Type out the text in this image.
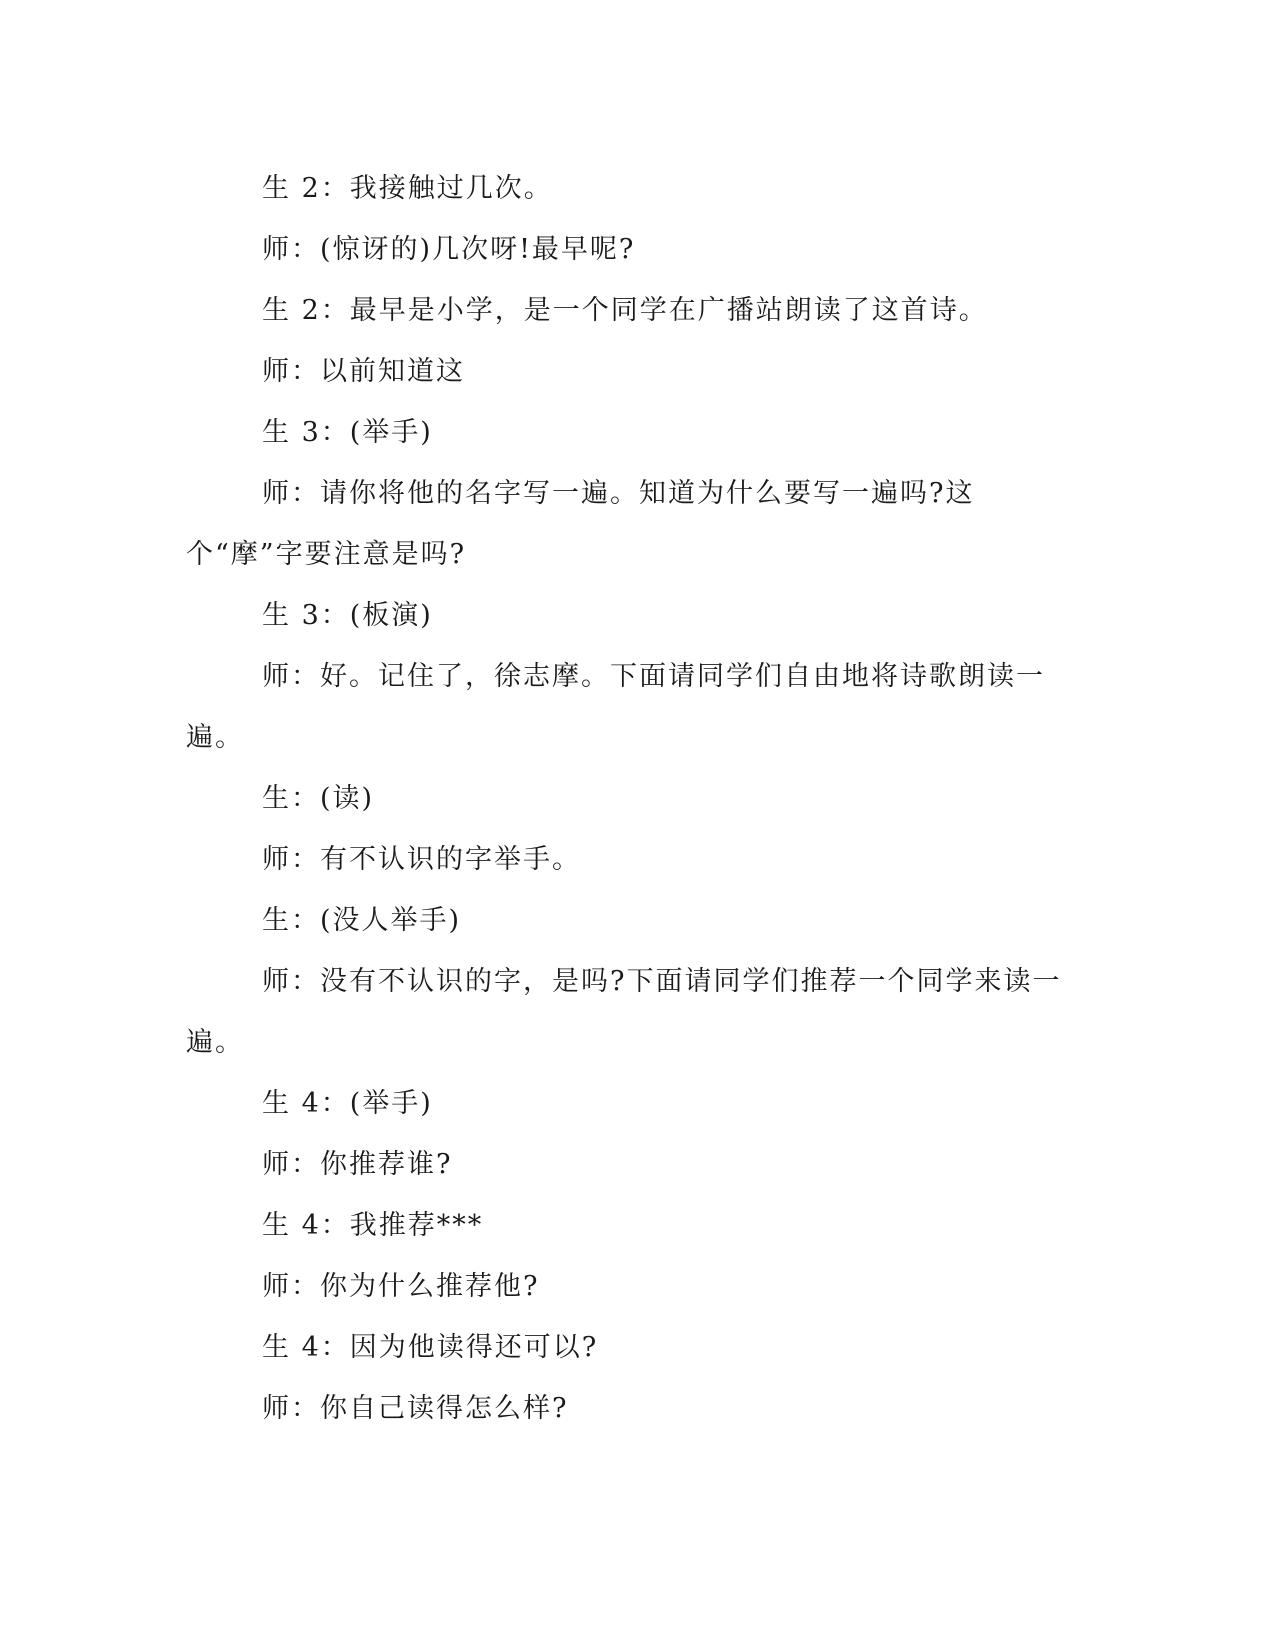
生 2：我接触过几次。

师：(惊讶的)几次呀!最早呢?

生 2：最早是小学，是一个同学在广播站朗读了这首诗。

师：以前知道这

生 3：(举手)

师：请你将他的名字写一遍。知道为什么要写一遍吗?这个“摩”字要注意是吗?

生 3：(板演)

师：好。记住了，徐志摩。下面请同学们自由地将诗歌朗读一遍。

生：(读)

师：有不认识的字举手。

生：(没人举手)

师：没有不认识的字，是吗?下面请同学们推荐一个同学来读一遍。

生 4：(举手)

师：你推荐谁?

生 4：我推荐***

师：你为什么推荐他?

生 4：因为他读得还可以?

师：你自己读得怎么样?
